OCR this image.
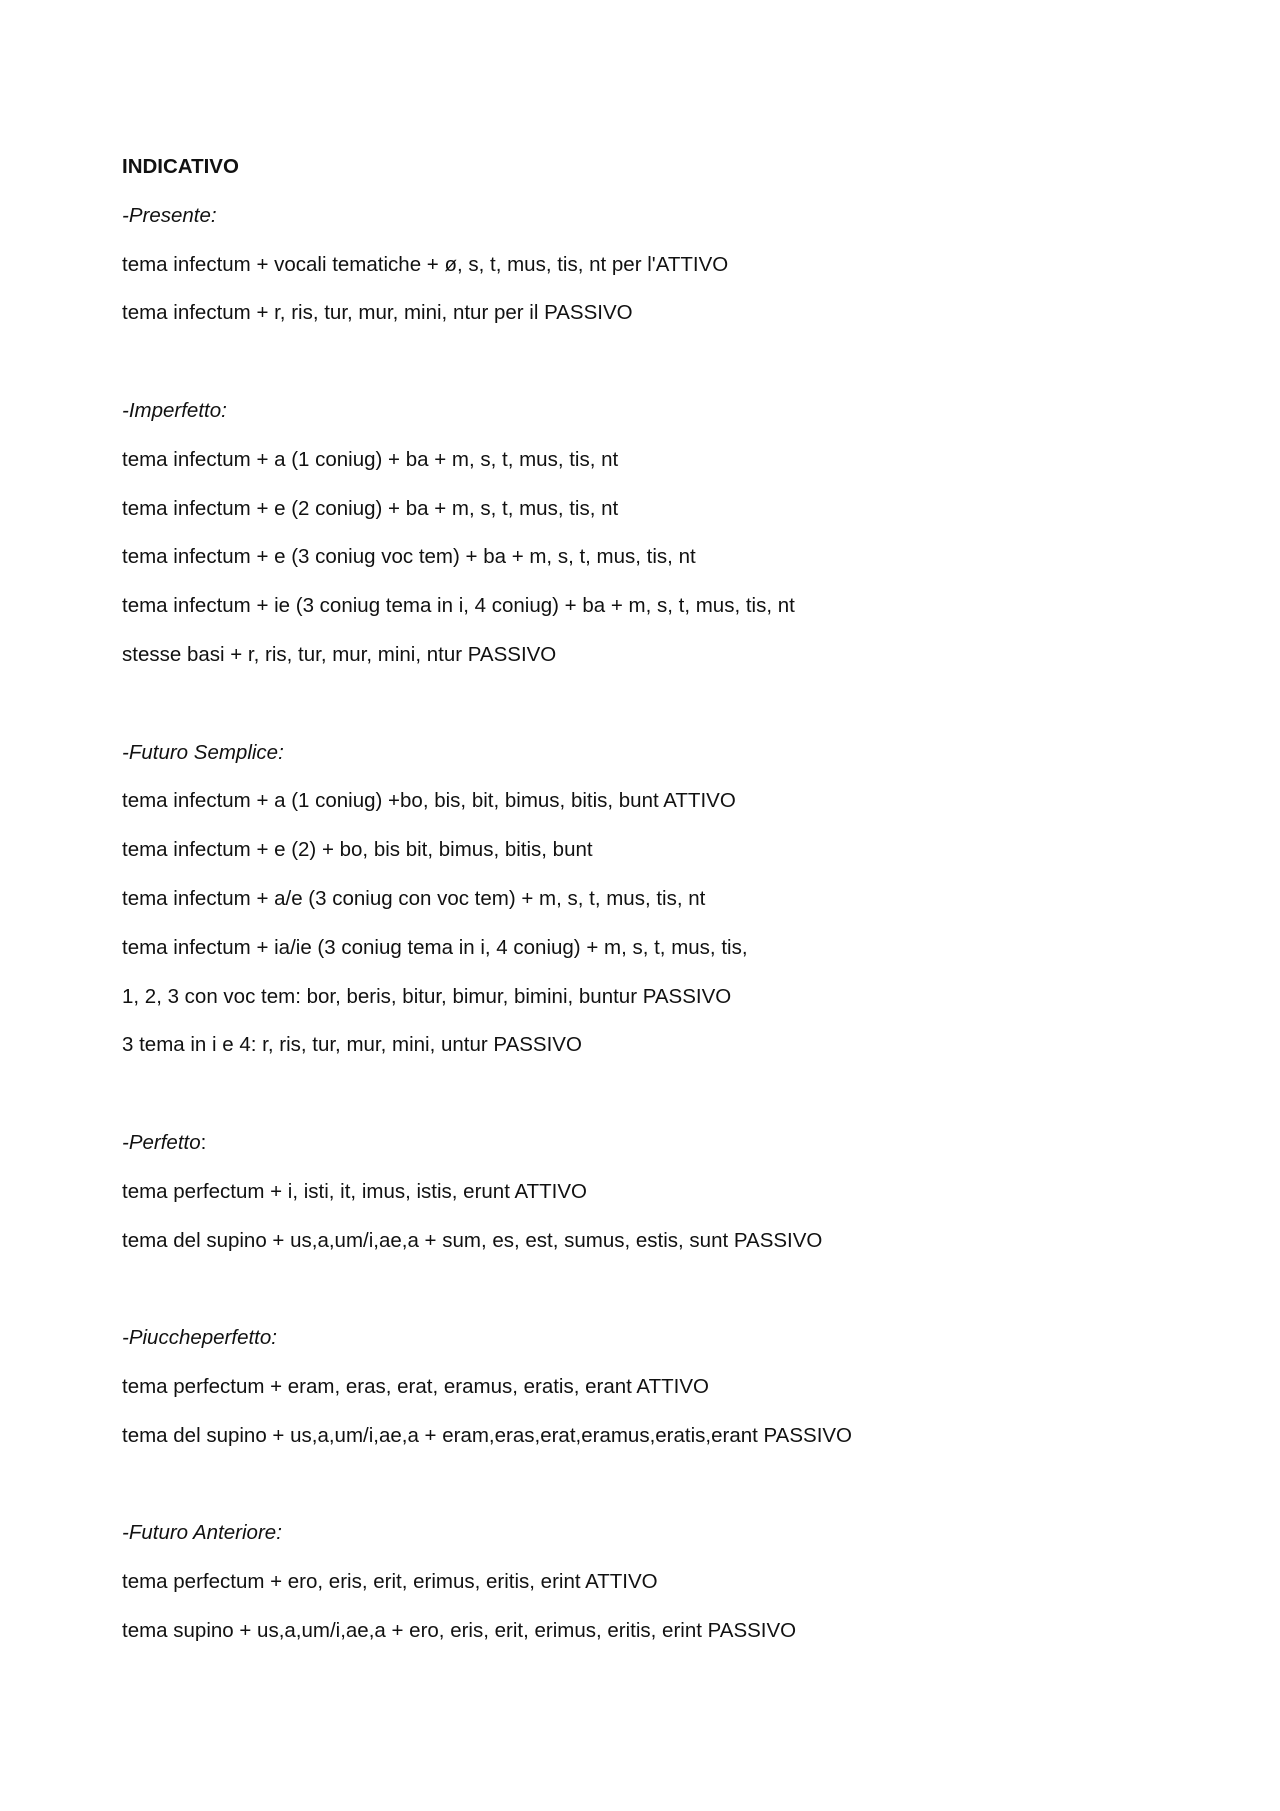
INDICATIVO
-Presente:
tema infectum + vocali tematiche + ø, s, t, mus, tis, nt per l'ATTIVO
tema infectum + r, ris, tur, mur, mini, ntur per il PASSIVO
-Imperfetto:
tema infectum + a (1 coniug) + ba + m, s, t, mus, tis, nt
tema infectum + e (2 coniug) + ba + m, s, t, mus, tis, nt
tema infectum + e (3 coniug voc tem) + ba + m, s, t, mus, tis, nt
tema infectum + ie (3 coniug tema in i, 4 coniug) + ba + m, s, t, mus, tis, nt
stesse basi + r, ris, tur, mur, mini, ntur PASSIVO
-Futuro Semplice:
tema infectum + a (1 coniug) +bo, bis, bit, bimus, bitis, bunt ATTIVO
tema infectum + e (2) + bo, bis bit, bimus, bitis, bunt
tema infectum + a/e (3 coniug con voc tem) + m, s, t, mus, tis, nt
tema infectum + ia/ie (3 coniug tema in i, 4 coniug) + m, s, t, mus, tis,
1, 2, 3 con voc tem: bor, beris, bitur, bimur, bimini, buntur PASSIVO
3 tema in i e 4: r, ris, tur, mur, mini, untur PASSIVO
-Perfetto:
tema perfectum + i, isti, it, imus, istis, erunt ATTIVO
tema del supino + us,a,um/i,ae,a + sum, es, est, sumus, estis, sunt PASSIVO
-Piuccheperfetto:
tema perfectum + eram, eras, erat, eramus, eratis, erant ATTIVO
tema del supino + us,a,um/i,ae,a + eram,eras,erat,eramus,eratis,erant PASSIVO
-Futuro Anteriore:
tema perfectum + ero, eris, erit, erimus, eritis, erint ATTIVO
tema supino + us,a,um/i,ae,a + ero, eris, erit, erimus, eritis, erint PASSIVO
